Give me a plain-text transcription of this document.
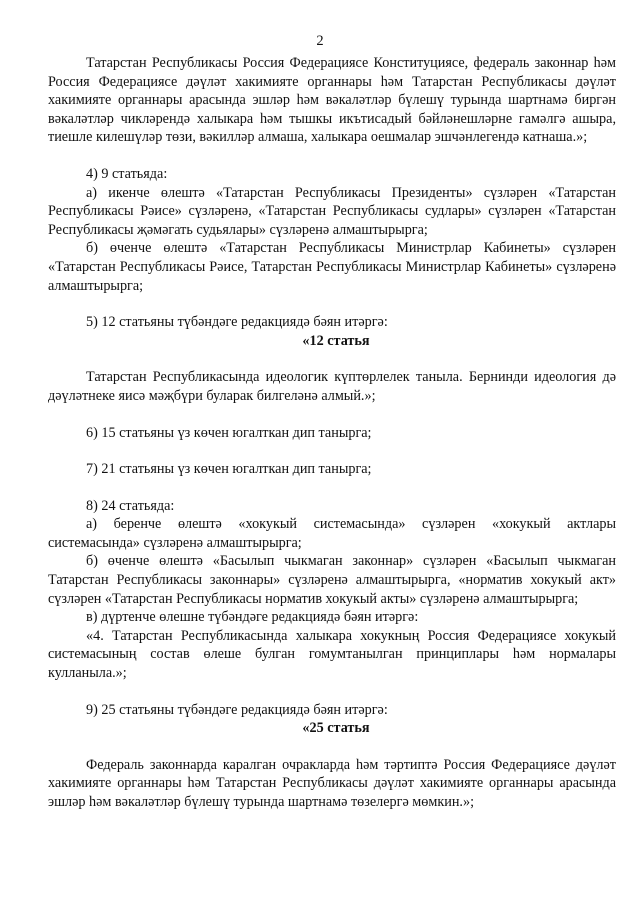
2

Татарстан Республикасы Россия Федерациясе Конституциясе, федераль законнар һәм Россия Федерациясе дәүләт хакимияте органнары һәм Татарстан Республикасы дәүләт хакимияте органнары арасында эшләр һәм вәкаләтләр бүлешү турында шартнамә биргән вәкаләтләр чикләрендә халыкара һәм тышкы икътисадый бәйләнешләрне гамәлгә ашыра, тиешле килешүләр төзи, вәкилләр алмаша, халыкара оешмалар эшчәнлегендә катнаша.»;

4) 9 статьяда:

а) икенче өлештә «Татарстан Республикасы Президенты» сүзләрен «Татарстан Республикасы Рәисе» сүзләренә, «Татарстан Республикасы судлары» сүзләрен «Татарстан Республикасы җәмәгать судьялары» сүзләренә алмаштырырга;

б) өченче өлештә «Татарстан Республикасы Министрлар Кабинеты» сүзләрен «Татарстан Республикасы Рәисе, Татарстан Республикасы Министрлар Кабинеты» сүзләренә алмаштырырга;

5) 12 статьяны түбәндәге редакциядә бәян итәргә:

«12 статья

Татарстан Республикасында идеологик күптөрлелек танылa. Бернинди идеология дә дәүләтнеке яисә мәҗбүри буларак билгеләнә алмый.»;

6) 15 статьяны үз көчен югалткан дип танырга;

7) 21 статьяны үз көчен югалткан дип танырга;

8) 24 статьяда:

а) беренче өлештә «хокукый системасында» сүзләрен «хокукый актлары системасында» сүзләренә алмаштырырга;

б) өченче өлештә «Басылып чыкмаган законнар» сүзләрен «Басылып чыкмаган Татарстан Республикасы законнары» сүзләренә алмаштырырга, «норматив хокукый акт» сүзләрен «Татарстан Республикасы норматив хокукый акты» сүзләренә алмаштырырга;

в) дүртенче өлешне түбәндәге редакциядә бәян итәргә:

«4. Татарстан Республикасында халыкара хокукның Россия Федерациясе хокукый системасының состав өлеше булган гомумтанылган принциплары һәм нормалары кулланыла.»;

9) 25 статьяны түбәндәге редакциядә бәян итәргә:

«25 статья

Федераль законнарда каралган очракларда һәм тәртиптә Россия Федерациясе дәүләт хакимияте органнары һәм Татарстан Республикасы дәүләт хакимияте органнары арасында эшләр һәм вәкаләтләр бүлешү турында шартнамә төзелергә мөмкин.»;
